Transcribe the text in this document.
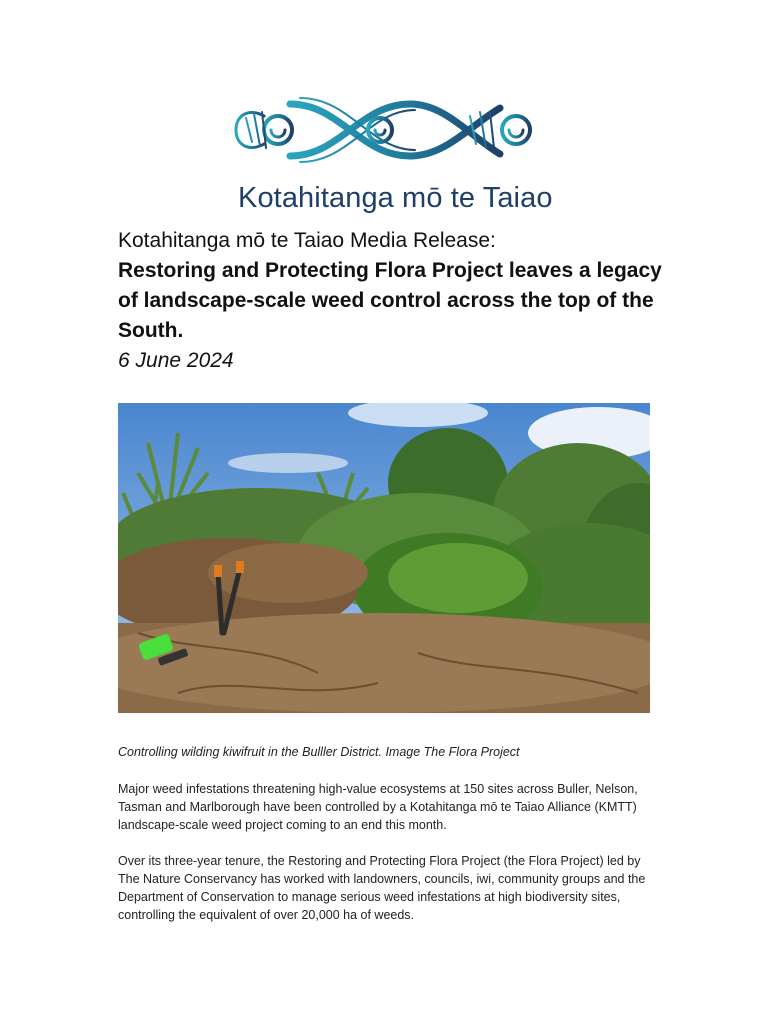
Kotahitanga mō te Taiao
Kotahitanga mō te Taiao Media Release:
Restoring and Protecting Flora Project leaves a legacy of landscape-scale weed control across the top of the South.
6 June 2024
Controlling wilding kiwifruit in the Bulller District. Image The Flora Project
Major weed infestations threatening high-value ecosystems at 150 sites across Buller, Nelson, Tasman and Marlborough have been controlled by a Kotahitanga mō te Taiao Alliance (KMTT) landscape-scale weed project coming to an end this month.
Over its three-year tenure, the Restoring and Protecting Flora Project (the Flora Project) led by The Nature Conservancy has worked with landowners, councils, iwi, community groups and the Department of Conservation to manage serious weed infestations at high biodiversity sites, controlling the equivalent of over 20,000 ha of weeds.
